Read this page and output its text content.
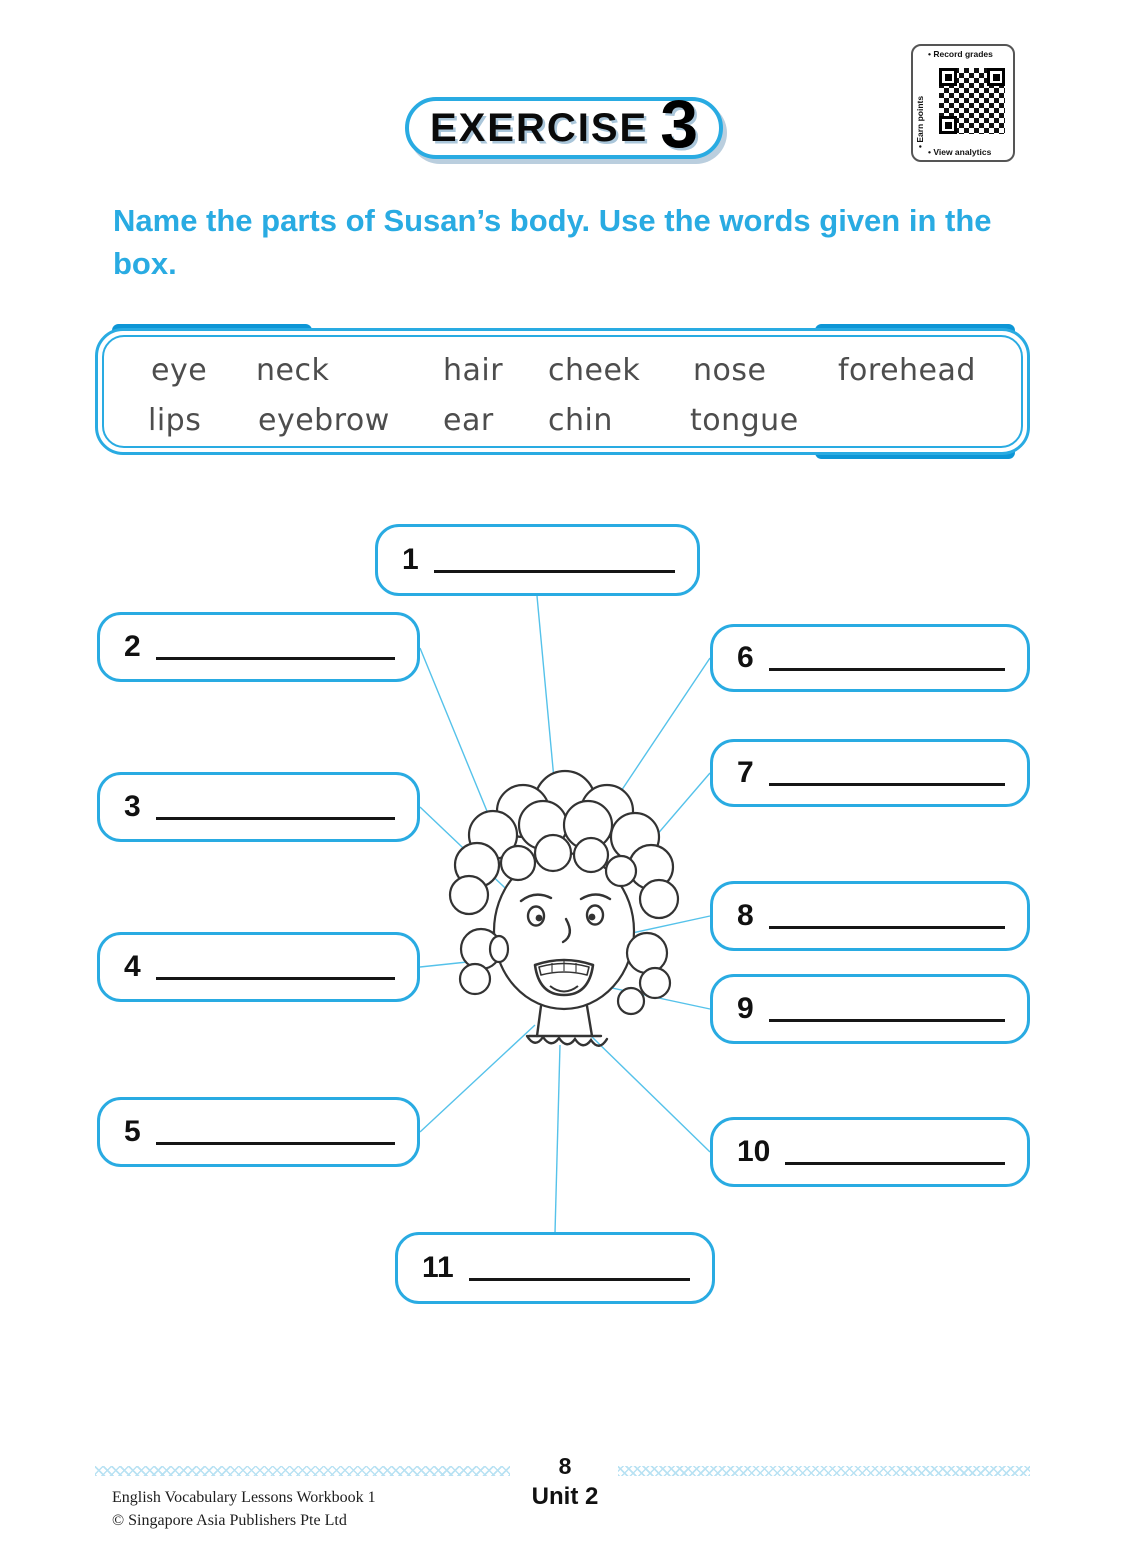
EXERCISE 3
• Record grades
• Earn points
• View analytics
Name the parts of Susan’s body. Use the words given in the box.
eye neck	hair cheek nose forehead
lips eyebrow ear chin	tongue
1
2
3
4
5
6
7
8
9
10
11
8
Unit 2
English Vocabulary Lessons Workbook 1
© Singapore Asia Publishers Pte Ltd
